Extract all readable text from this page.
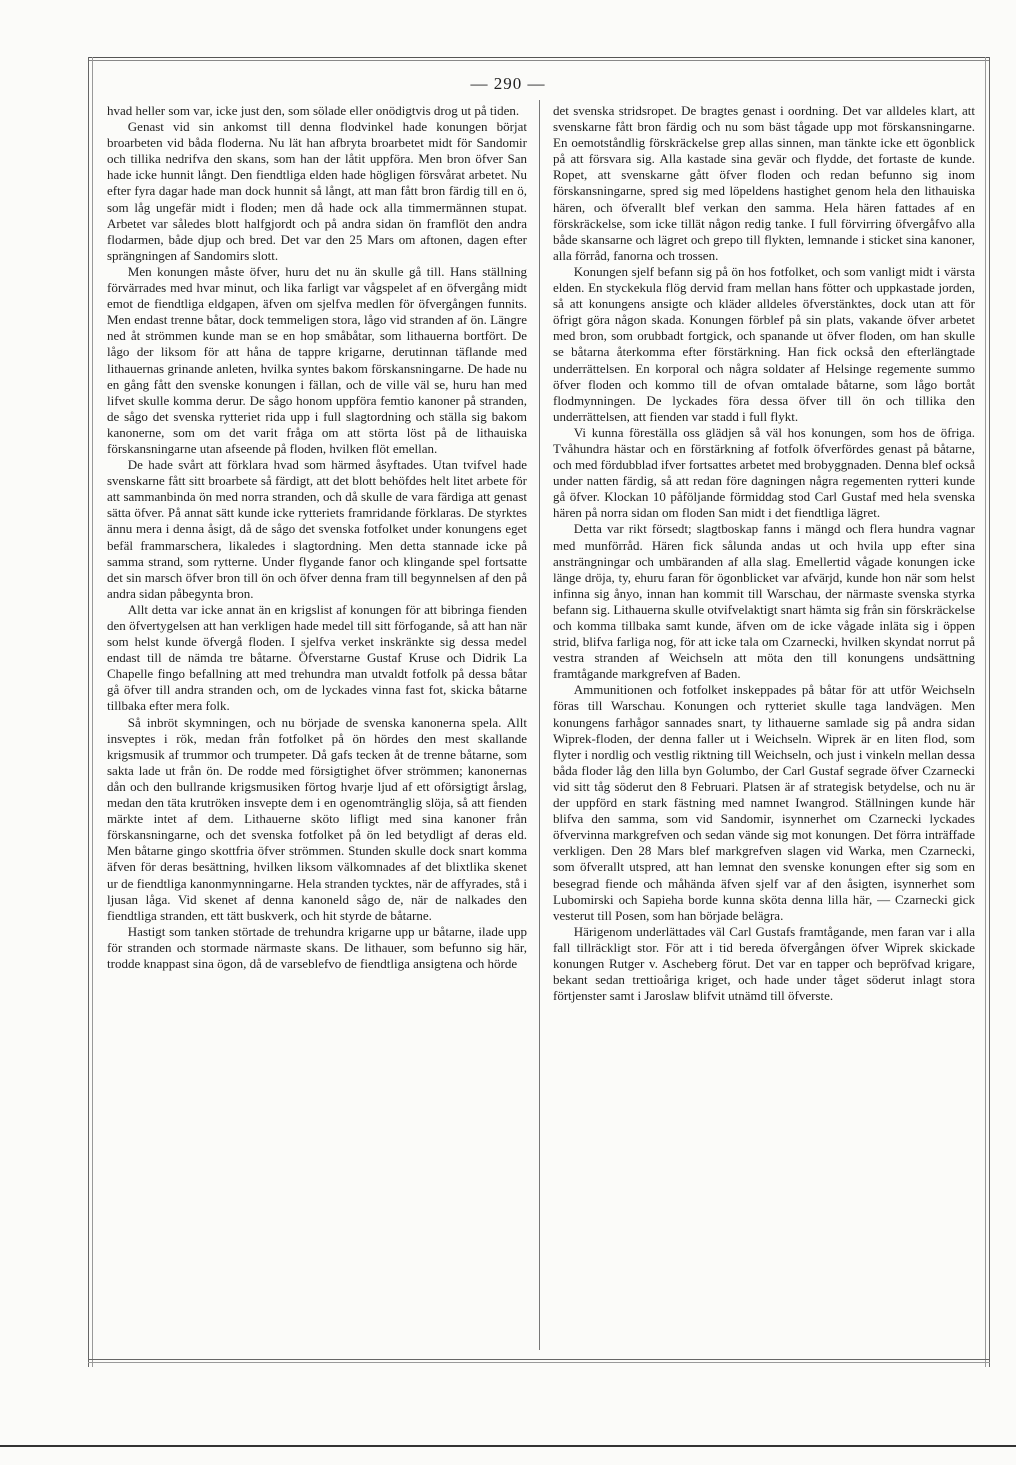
— 290 —

hvad heller som var, icke just den, som sölade eller onödigtvis drog ut på tiden.

Genast vid sin ankomst till denna flodvinkel hade konungen börjat broarbeten vid båda floderna. Nu lät han afbryta broarbetet midt för Sandomir och tillika nedrifva den skans, som han der låtit uppföra. Men bron öfver San hade icke hunnit långt. Den fiendtliga elden hade högligen försvårat arbetet. Nu efter fyra dagar hade man dock hunnit så långt, att man fått bron färdig till en ö, som låg ungefär midt i floden; men då hade ock alla timmermännen stupat. Arbetet var således blott halfgjordt och på andra sidan ön framflöt den andra flodarmen, både djup och bred. Det var den 25 Mars om aftonen, dagen efter sprängningen af Sandomirs slott.

Men konungen måste öfver, huru det nu än skulle gå till. Hans ställning förvärrades med hvar minut, och lika farligt var vågspelet af en öfvergång midt emot de fiendtliga eldgapen, äfven om sjelfva medlen för öfvergången funnits. Men endast trenne båtar, dock temmeligen stora, lågo vid stranden af ön. Längre ned åt strömmen kunde man se en hop småbåtar, som lithauerna bortfört. De lågo der liksom för att håna de tappre krigarne, derutinnan täflande med lithauernas grinande anleten, hvilka syntes bakom förskansningarne. De hade nu en gång fått den svenske konungen i fällan, och de ville väl se, huru han med lifvet skulle komma derur. De sågo honom uppföra femtio kanoner på stranden, de sågo det svenska rytteriet rida upp i full slagtordning och ställa sig bakom kanonerne, som om det varit fråga om att störta löst på de lithauiska förskansningarne utan afseende på floden, hvilken flöt emellan.

De hade svårt att förklara hvad som härmed åsyftades. Utan tvifvel hade svenskarne fått sitt broarbete så färdigt, att det blott behöfdes helt litet arbete för att sammanbinda ön med norra stranden, och då skulle de vara färdiga att genast sätta öfver. På annat sätt kunde icke rytteriets framridande förklaras. De styrktes ännu mera i denna åsigt, då de sågo det svenska fotfolket under konungens eget befäl frammarschera, likaledes i slagtordning. Men detta stannade icke på samma strand, som rytterne. Under flygande fanor och klingande spel fortsatte det sin marsch öfver bron till ön och öfver denna fram till begynnelsen af den på andra sidan påbegynta bron.

Allt detta var icke annat än en krigslist af konungen för att bibringa fienden den öfvertygelsen att han verkligen hade medel till sitt förfogande, så att han när som helst kunde öfvergå floden. I sjelfva verket inskränkte sig dessa medel endast till de nämda tre båtarne. Öfverstarne Gustaf Kruse och Didrik La Chapelle fingo befallning att med trehundra man utvaldt fotfolk på dessa båtar gå öfver till andra stranden och, om de lyckades vinna fast fot, skicka båtarne tillbaka efter mera folk.

Så inbröt skymningen, och nu började de svenska kanonerna spela. Allt insveptes i rök, medan från fotfolket på ön hördes den mest skallande krigsmusik af trummor och trumpeter. Då gafs tecken åt de trenne båtarne, som sakta lade ut från ön. De rodde med försigtighet öfver strömmen; kanonernas dån och den bullrande krigsmusiken förtog hvarje ljud af ett oförsigtigt årslag, medan den täta krutröken insvepte dem i en ogenomtränglig slöja, så att fienden märkte intet af dem. Lithauerne sköto lifligt med sina kanoner från förskansningarne, och det svenska fotfolket på ön led betydligt af deras eld. Men båtarne gingo skottfria öfver strömmen. Stunden skulle dock snart komma äfven för deras besättning, hvilken liksom välkomnades af det blixtlika skenet ur de fiendtliga kanonmynningarne. Hela stranden tycktes, när de affyrades, stå i ljusan låga. Vid skenet af denna kanoneld sågo de, när de nalkades den fiendtliga stranden, ett tätt buskverk, och hit styrde de båtarne.

Hastigt som tanken störtade de trehundra krigarne upp ur båtarne, ilade upp för stranden och stormade närmaste skans. De lithauer, som befunno sig här, trodde knappast sina ögon, då de varseblefvo de fiendtliga ansigtena och hörde

det svenska stridsropet. De bragtes genast i oordning. Det var alldeles klart, att svenskarne fått bron färdig och nu som bäst tågade upp mot förskansningarne. En oemotståndlig förskräckelse grep allas sinnen, man tänkte icke ett ögonblick på att försvara sig. Alla kastade sina gevär och flydde, det fortaste de kunde. Ropet, att svenskarne gått öfver floden och redan befunno sig inom förskansningarne, spred sig med löpeldens hastighet genom hela den lithauiska hären, och öfverallt blef verkan den samma. Hela hären fattades af en förskräckelse, som icke tillät någon redig tanke. I full förvirring öfvergåfvo alla både skansarne och lägret och grepo till flykten, lemnande i sticket sina kanoner, alla förråd, fanorna och trossen.

Konungen sjelf befann sig på ön hos fotfolket, och som vanligt midt i värsta elden. En styckekula flög dervid fram mellan hans fötter och uppkastade jorden, så att konungens ansigte och kläder alldeles öfverstänktes, dock utan att för öfrigt göra någon skada. Konungen förblef på sin plats, vakande öfver arbetet med bron, som orubbadt fortgick, och spanande ut öfver floden, om han skulle se båtarna återkomma efter förstärkning. Han fick också den efterlängtade underrättelsen. En korporal och några soldater af Helsinge regemente summo öfver floden och kommo till de ofvan omtalade båtarne, som lågo bortåt flodmynningen. De lyckades föra dessa öfver till ön och tillika den underrättelsen, att fienden var stadd i full flykt.

Vi kunna föreställa oss glädjen så väl hos konungen, som hos de öfriga. Tvåhundra hästar och en förstärkning af fotfolk öfverfördes genast på båtarne, och med fördubblad ifver fortsattes arbetet med brobyggnaden. Denna blef också under natten färdig, så att redan före dagningen några regementen rytteri kunde gå öfver. Klockan 10 påföljande förmiddag stod Carl Gustaf med hela svenska hären på norra sidan om floden San midt i det fiendtliga lägret.

Detta var rikt försedt; slagtboskap fanns i mängd och flera hundra vagnar med munförråd. Hären fick sålunda andas ut och hvila upp efter sina ansträngningar och umbäranden af alla slag. Emellertid vågade konungen icke länge dröja, ty, ehuru faran för ögonblicket var afvärjd, kunde hon när som helst infinna sig ånyo, innan han kommit till Warschau, der närmaste svenska styrka befann sig. Lithauerna skulle otvifvelaktigt snart hämta sig från sin förskräckelse och komma tillbaka samt kunde, äfven om de icke vågade inläta sig i öppen strid, blifva farliga nog, för att icke tala om Czarnecki, hvilken skyndat norrut på vestra stranden af Weichseln att möta den till konungens undsättning framtågande markgrefven af Baden.

Ammunitionen och fotfolket inskeppades på båtar för att utför Weichseln föras till Warschau. Konungen och rytteriet skulle taga landvägen. Men konungens farhågor sannades snart, ty lithauerne samlade sig på andra sidan Wiprek-floden, der denna faller ut i Weichseln. Wiprek är en liten flod, som flyter i nordlig och vestlig riktning till Weichseln, och just i vinkeln mellan dessa båda floder låg den lilla byn Golumbo, der Carl Gustaf segrade öfver Czarnecki vid sitt tåg söderut den 8 Februari. Platsen är af strategisk betydelse, och nu är der uppförd en stark fästning med namnet Iwangrod. Ställningen kunde här blifva den samma, som vid Sandomir, isynnerhet om Czarnecki lyckades öfvervinna markgrefven och sedan vände sig mot konungen. Det förra inträffade verkligen. Den 28 Mars blef markgrefven slagen vid Warka, men Czarnecki, som öfverallt utspred, att han lemnat den svenske konungen efter sig som en besegrad fiende och måhända äfven sjelf var af den åsigten, isynnerhet som Lubomirski och Sapieha borde kunna sköta denna lilla här, — Czarnecki gick vesterut till Posen, som han började belägra.

Härigenom underlättades väl Carl Gustafs framtågande, men faran var i alla fall tillräckligt stor. För att i tid bereda öfvergången öfver Wiprek skickade konungen Rutger v. Ascheberg förut. Det var en tapper och bepröfvad krigare, bekant sedan trettioåriga kriget, och hade under tåget söderut inlagt stora förtjenster samt i Jaroslaw blifvit utnämd till öfverste.
